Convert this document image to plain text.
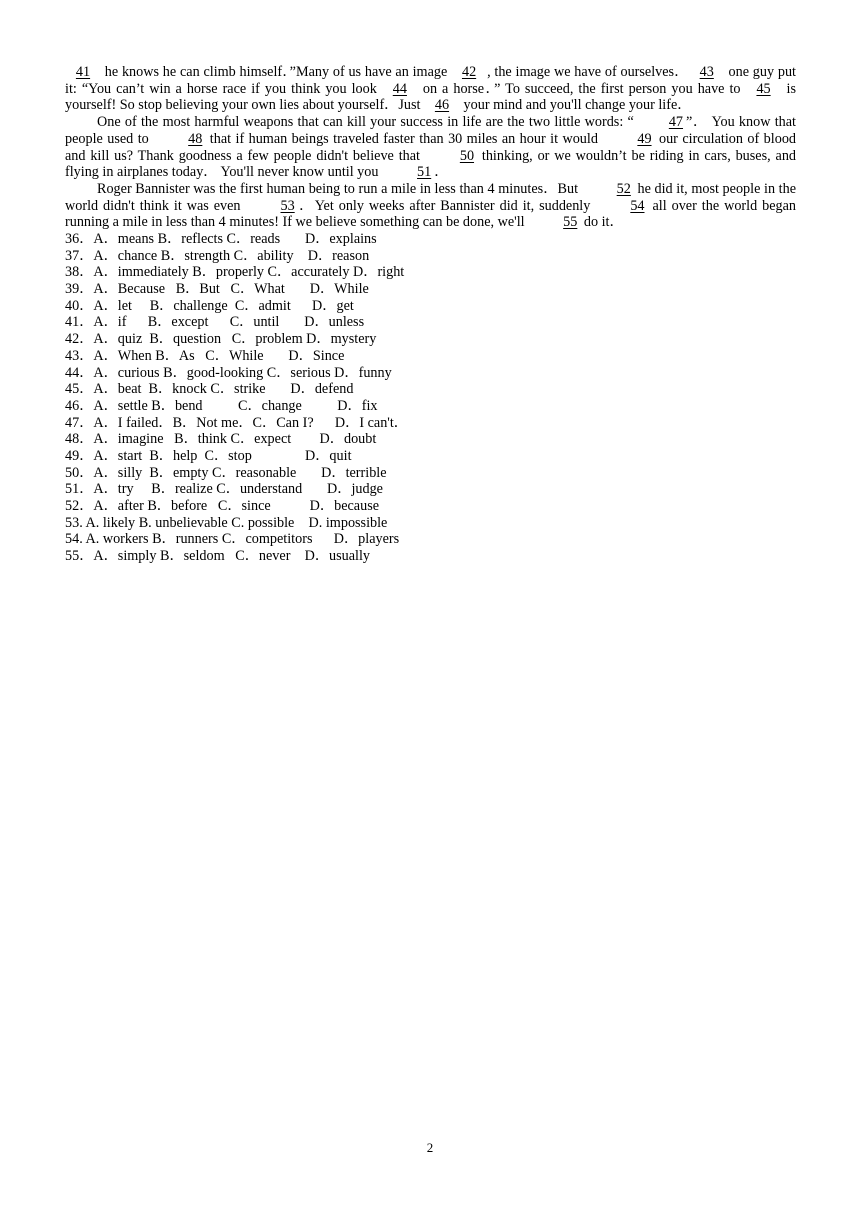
41 he knows he can climb himself．”Many of us have an image 42 , the image we have of ourselves． 43 one guy put it: “You can’t win a horse race if you think you look 44 on a horse．” To succeed, the first person you have to 45 is yourself! So stop believing your own lies about yourself．Just 46 your mind and you'll change your life．

One of the most harmful weapons that can kill your success in life are the two little words: “ 47 ”． You know that people used to 48 that if human beings traveled faster than 30 miles an hour it would 49 our circulation of blood and kill us? Thank goodness a few people didn't believe that 50 thinking, or we wouldn’t be riding in cars, buses, and flying in airplanes today． You'll never know until you 51 ．

Roger Bannister was the first human being to run a mile in less than 4 minutes．But 52 he did it, most people in the world didn't think it was even 53 ．Yet only weeks after Bannister did it, suddenly 54 all over the world began running a mile in less than 4 minutes! If we believe something can be done, we'll 55 do it．

36．A．means B．reflects C．reads       D．explains
37．A．chance B．strength C．ability    D．reason
38．A．immediately B．properly C．accurately D．right
39．A．Because   B．But   C．What       D．While
40．A．let     B．challenge  C．admit      D．get
41．A．if      B．except      C．until       D．unless
42．A．quiz  B．question   C．problem D．mystery
43．A．When B．As   C．While       D．Since
44．A．curious B．good-looking C．serious D．funny
45．A．beat  B．knock C．strike       D．defend
46．A．settle B．bend          C．change          D．fix
47．A．I failed．B．Not me．C．Can I?      D．I can't．
48．A．imagine   B．think C．expect        D．doubt
49．A．start  B．help  C．stop               D．quit
50．A．silly  B．empty C．reasonable       D．terrible
51．A．try     B．realize C．understand       D．judge
52．A．after B．before   C．since           D．because
53. A. likely B. unbelievable C. possible    D. impossible
54. A. workers B．runners C．competitors      D．players
55．A．simply B．seldom   C．never    D．usually
2
